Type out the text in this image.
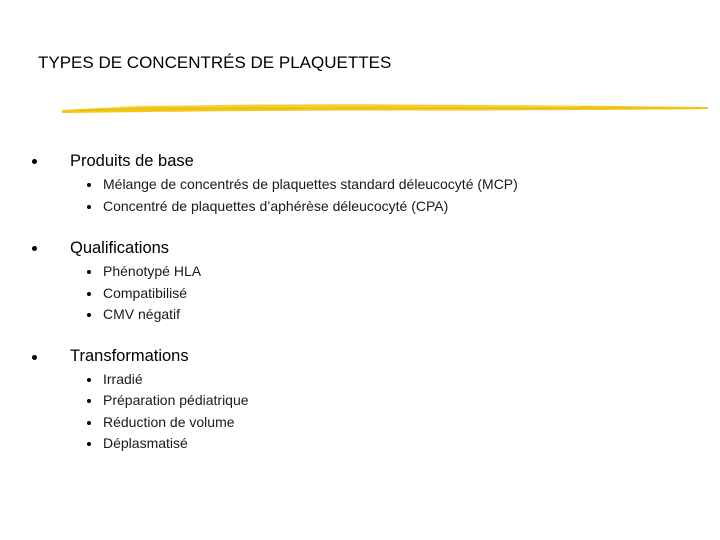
TYPES DE CONCENTRÉS DE PLAQUETTES
Produits de base
Mélange de concentrés de plaquettes standard déleucocyté (MCP)
Concentré de plaquettes d’aphérèse déleucocyté (CPA)
Qualifications
Phénotypé HLA
Compatibilisé
CMV négatif
Transformations
Irradié
Préparation pédiatrique
Réduction de volume
Déplasmatisé
